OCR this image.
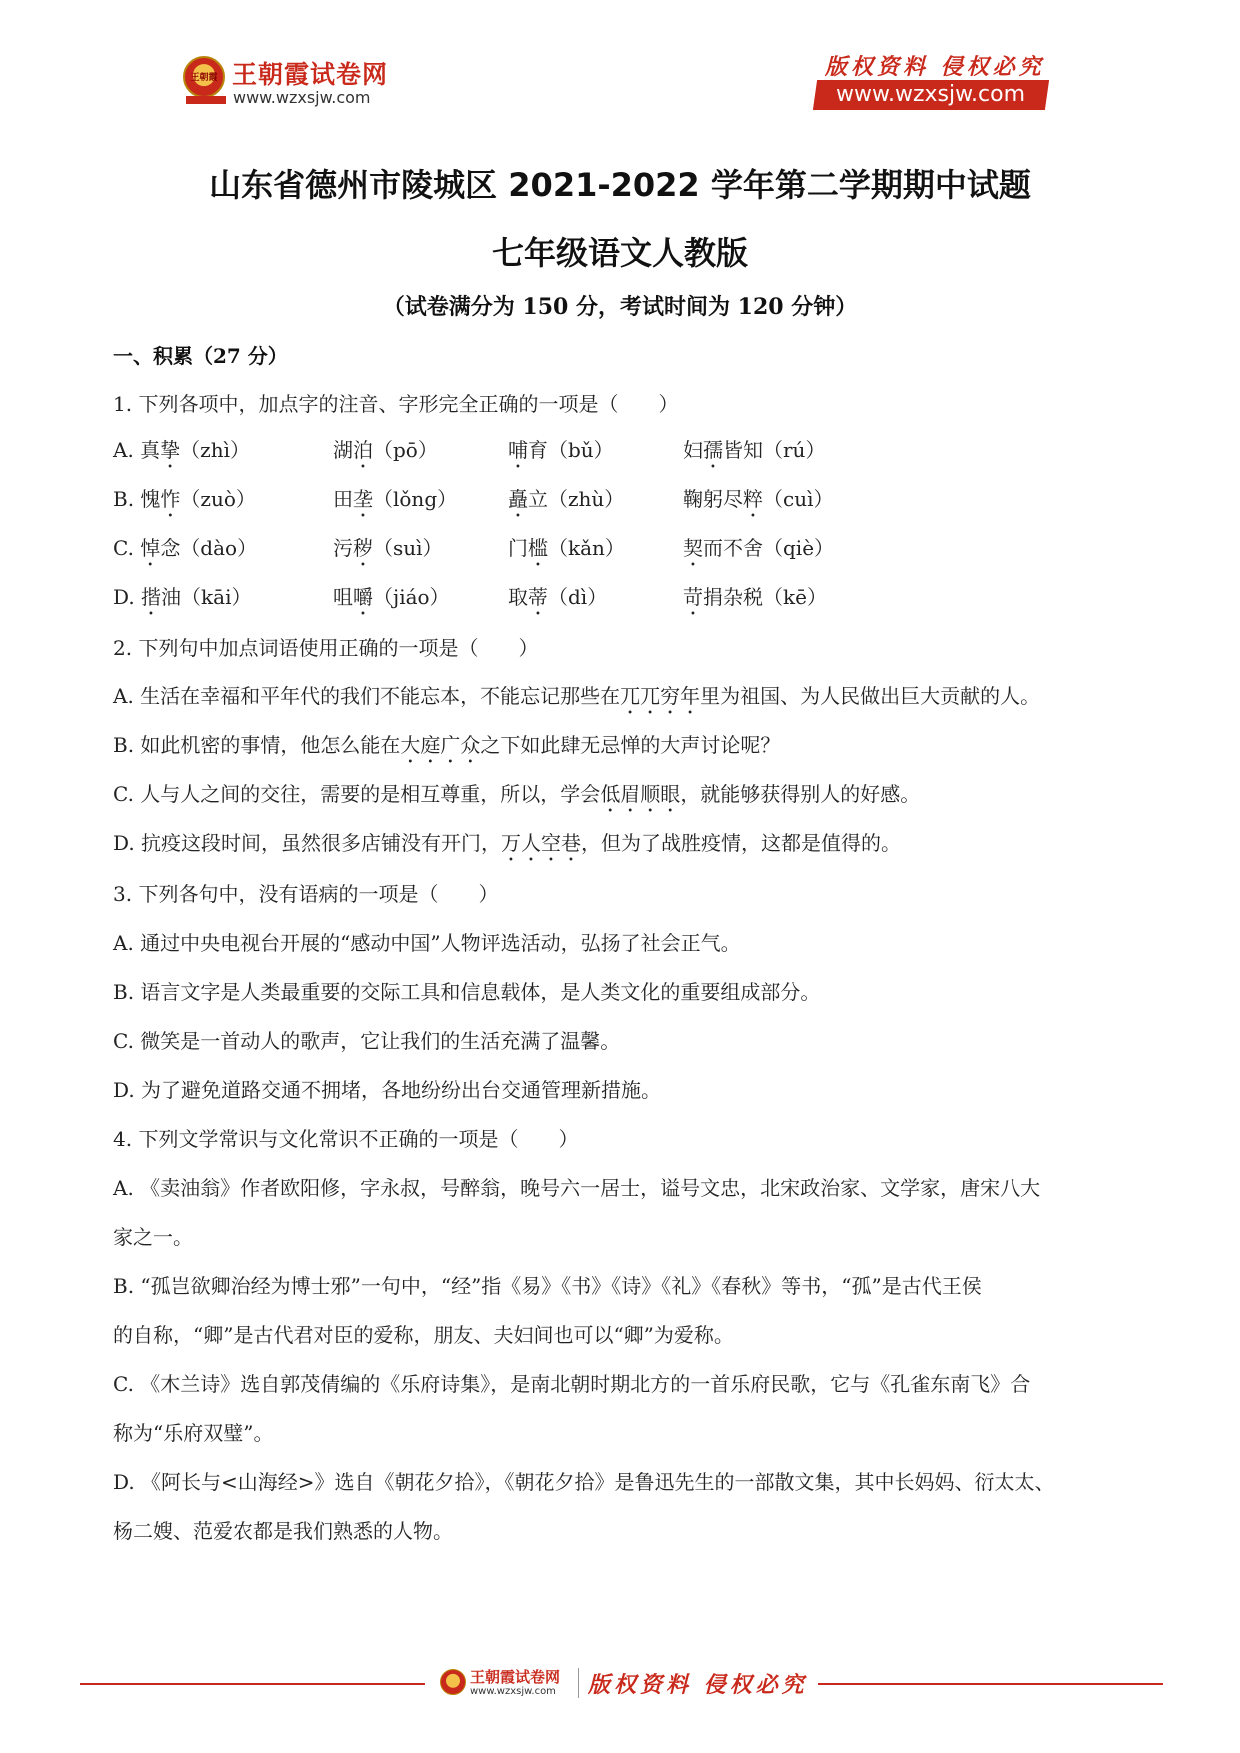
王朝霞 王朝霞试卷网
www.wzxsjw.com
版权资料 侵权必究
www.wzxsjw.com
山东省德州市陵城区 2021-2022 学年第二学期期中试题
七年级语文人教版
（试卷满分为 150 分，考试时间为 120 分钟）
一、积累（27 分）
1. 下列各项中，加点字的注音、字形完全正确的一项是（　　）
A. 真挚（zhì）	湖泊（pō）	哺育（bǔ）	妇孺皆知（rú）
B. 愧怍（zuò）	田垄（lǒng）	矗立（zhù）	鞠躬尽粹（cuì）
C. 悼念（dào）	污秽（suì）	门槛（kǎn）	契而不舍（qiè）
D. 揩油（kāi）	咀嚼（jiáo）	取蒂（dì）	苛捐杂税（kē）
2. 下列句中加点词语使用正确的一项是（　　）
A. 生活在幸福和平年代的我们不能忘本，不能忘记那些在兀兀穷年里为祖国、为人民做出巨大贡献的人。
B. 如此机密的事情，他怎么能在大庭广众之下如此肆无忌惮的大声讨论呢？
C. 人与人之间的交往，需要的是相互尊重，所以，学会低眉顺眼，就能够获得别人的好感。
D. 抗疫这段时间，虽然很多店铺没有开门，万人空巷，但为了战胜疫情，这都是值得的。
3. 下列各句中，没有语病的一项是（　　）
A. 通过中央电视台开展的“感动中国”人物评选活动，弘扬了社会正气。
B. 语言文字是人类最重要的交际工具和信息载体，是人类文化的重要组成部分。
C. 微笑是一首动人的歌声，它让我们的生活充满了温馨。
D. 为了避免道路交通不拥堵，各地纷纷出台交通管理新措施。
4. 下列文学常识与文化常识不正确的一项是（　　）
A. 《卖油翁》作者欧阳修，字永叔，号醉翁，晚号六一居士，谥号文忠，北宋政治家、文学家，唐宋八大
家之一。
B. “孤岂欲卿治经为博士邪”一句中，“经”指《易》《书》《诗》《礼》《春秋》等书，“孤”是古代王侯
的自称，“卿”是古代君对臣的爱称，朋友、夫妇间也可以“卿”为爱称。
C. 《木兰诗》选自郭茂倩编的《乐府诗集》，是南北朝时期北方的一首乐府民歌，它与《孔雀东南飞》合
称为“乐府双璧”。
D. 《阿长与<山海经>》选自《朝花夕拾》，《朝花夕拾》是鲁迅先生的一部散文集，其中长妈妈、衍太太、
杨二嫂、范爱农都是我们熟悉的人物。
王朝霞试卷网
www.wzxsjw.com 版权资料 侵权必究
